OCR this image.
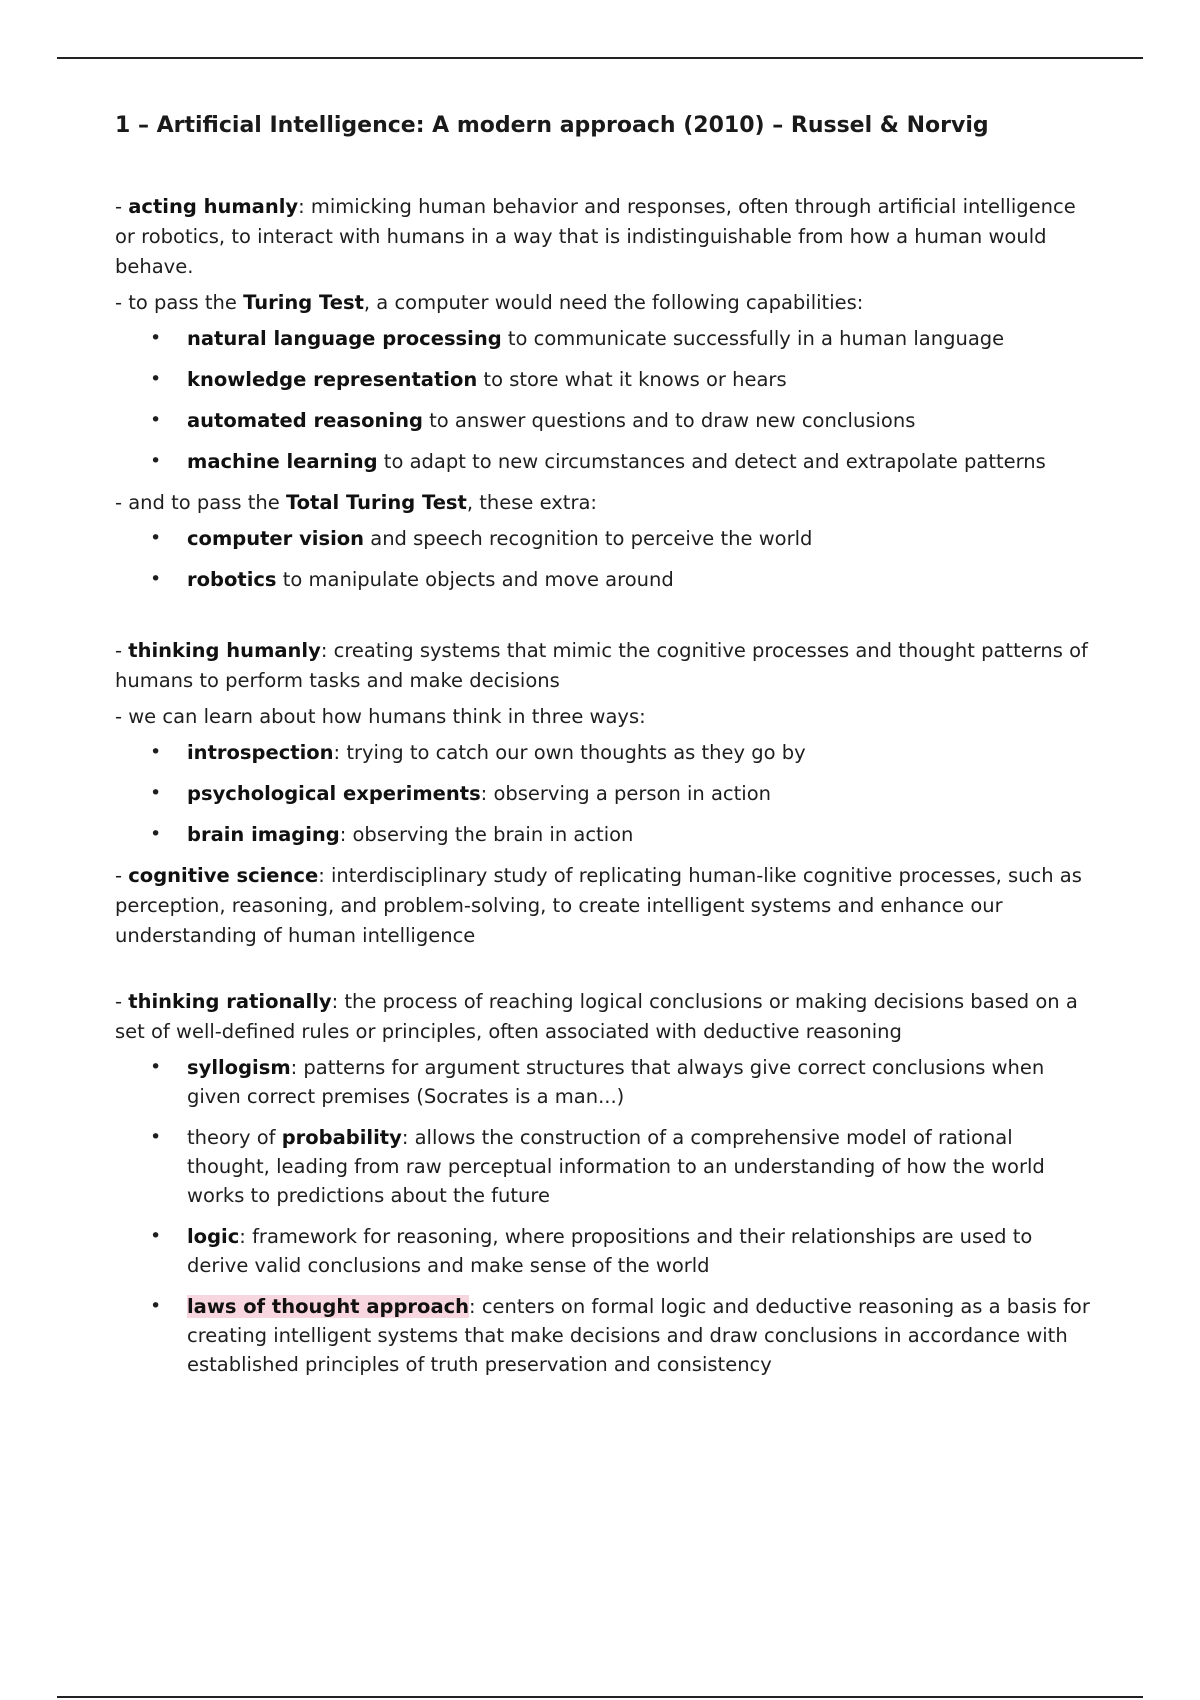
1 – Artificial Intelligence: A modern approach (2010) – Russel & Norvig

- acting humanly: mimicking human behavior and responses, often through artificial intelligence or robotics, to interact with humans in a way that is indistinguishable from how a human would behave.

- to pass the Turing Test, a computer would need the following capabilities:

• natural language processing to communicate successfully in a human language
• knowledge representation to store what it knows or hears
• automated reasoning to answer questions and to draw new conclusions
• machine learning to adapt to new circumstances and detect and extrapolate patterns

- and to pass the Total Turing Test, these extra:

• computer vision and speech recognition to perceive the world
• robotics to manipulate objects and move around

- thinking humanly: creating systems that mimic the cognitive processes and thought patterns of humans to perform tasks and make decisions

- we can learn about how humans think in three ways:

• introspection: trying to catch our own thoughts as they go by
• psychological experiments: observing a person in action
• brain imaging: observing the brain in action

- cognitive science: interdisciplinary study of replicating human-like cognitive processes, such as perception, reasoning, and problem-solving, to create intelligent systems and enhance our understanding of human intelligence

- thinking rationally: the process of reaching logical conclusions or making decisions based on a set of well-defined rules or principles, often associated with deductive reasoning

• syllogism: patterns for argument structures that always give correct conclusions when given correct premises (Socrates is a man...)
• theory of probability: allows the construction of a comprehensive model of rational thought, leading from raw perceptual information to an understanding of how the world works to predictions about the future
• logic: framework for reasoning, where propositions and their relationships are used to derive valid conclusions and make sense of the world
• laws of thought approach: centers on formal logic and deductive reasoning as a basis for creating intelligent systems that make decisions and draw conclusions in accordance with established principles of truth preservation and consistency
